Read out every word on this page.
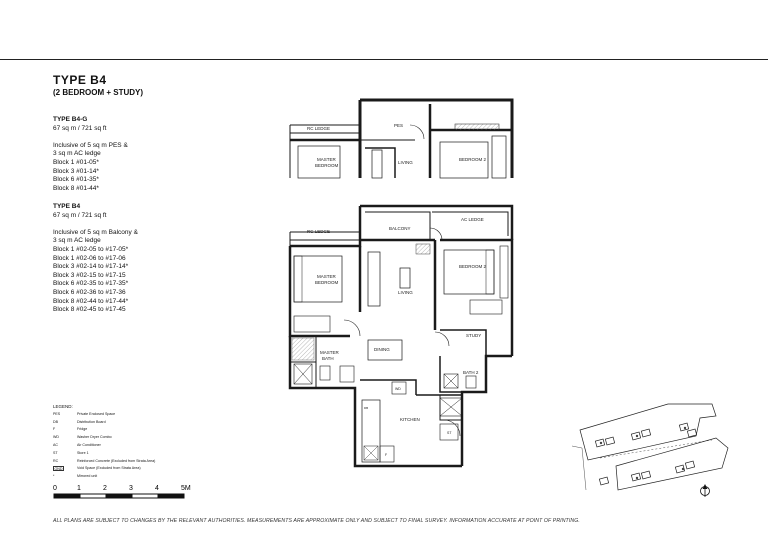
TYPE B4
(2 BEDROOM + STUDY)

TYPE B4-G

67 sq m / 721 sq ft

Inclusive of 5 sq m PES &

3 sq m AC ledge

Block 1 #01-05*

Block 3 #01-14*

Block 6 #01-35*

Block 8 #01-44*

TYPE B4

67 sq m / 721 sq ft

Inclusive of 5 sq m Balcony &

3 sq m AC ledge

Block 1 #02-05 to #17-05*

Block 1 #02-06 to #17-06

Block 3 #02-14 to #17-14*

Block 3 #02-15 to #17-15

Block 6 #02-35 to #17-35*

Block 6 #02-36 to #17-36

Block 8 #02-44 to #17-44*

Block 8 #02-45 to #17-45

LEGEND:
PES	Private Enclosed Space
DB	Distribution Board
F	Fridge
WD	Washer Dryer Combo
AC	Air Conditioner
ST	Store 1
RC	Reinforced Concrete (Excluded from Strata Area)
OND	Void Space (Excluded from Strata Area)
*	Mirrored unit
0	1	2	3	4	5M
RC LEDGE
PES
MASTER
BEDROOM
LIVING
BEDROOM 2
RC LEDGE
BALCONY
AC LEDGE
MASTER
BEDROOM
LIVING
BEDROOM 2
STUDY
DINING
MASTER
BATH
BATH 2
KITCHEN
WD
ST
F
DB
ALL PLANS ARE SUBJECT TO CHANGES BY THE RELEVANT AUTHORITIES. MEASUREMENTS ARE APPROXIMATE ONLY AND SUBJECT TO FINAL SURVEY. INFORMATION ACCURATE AT POINT OF PRINTING.
